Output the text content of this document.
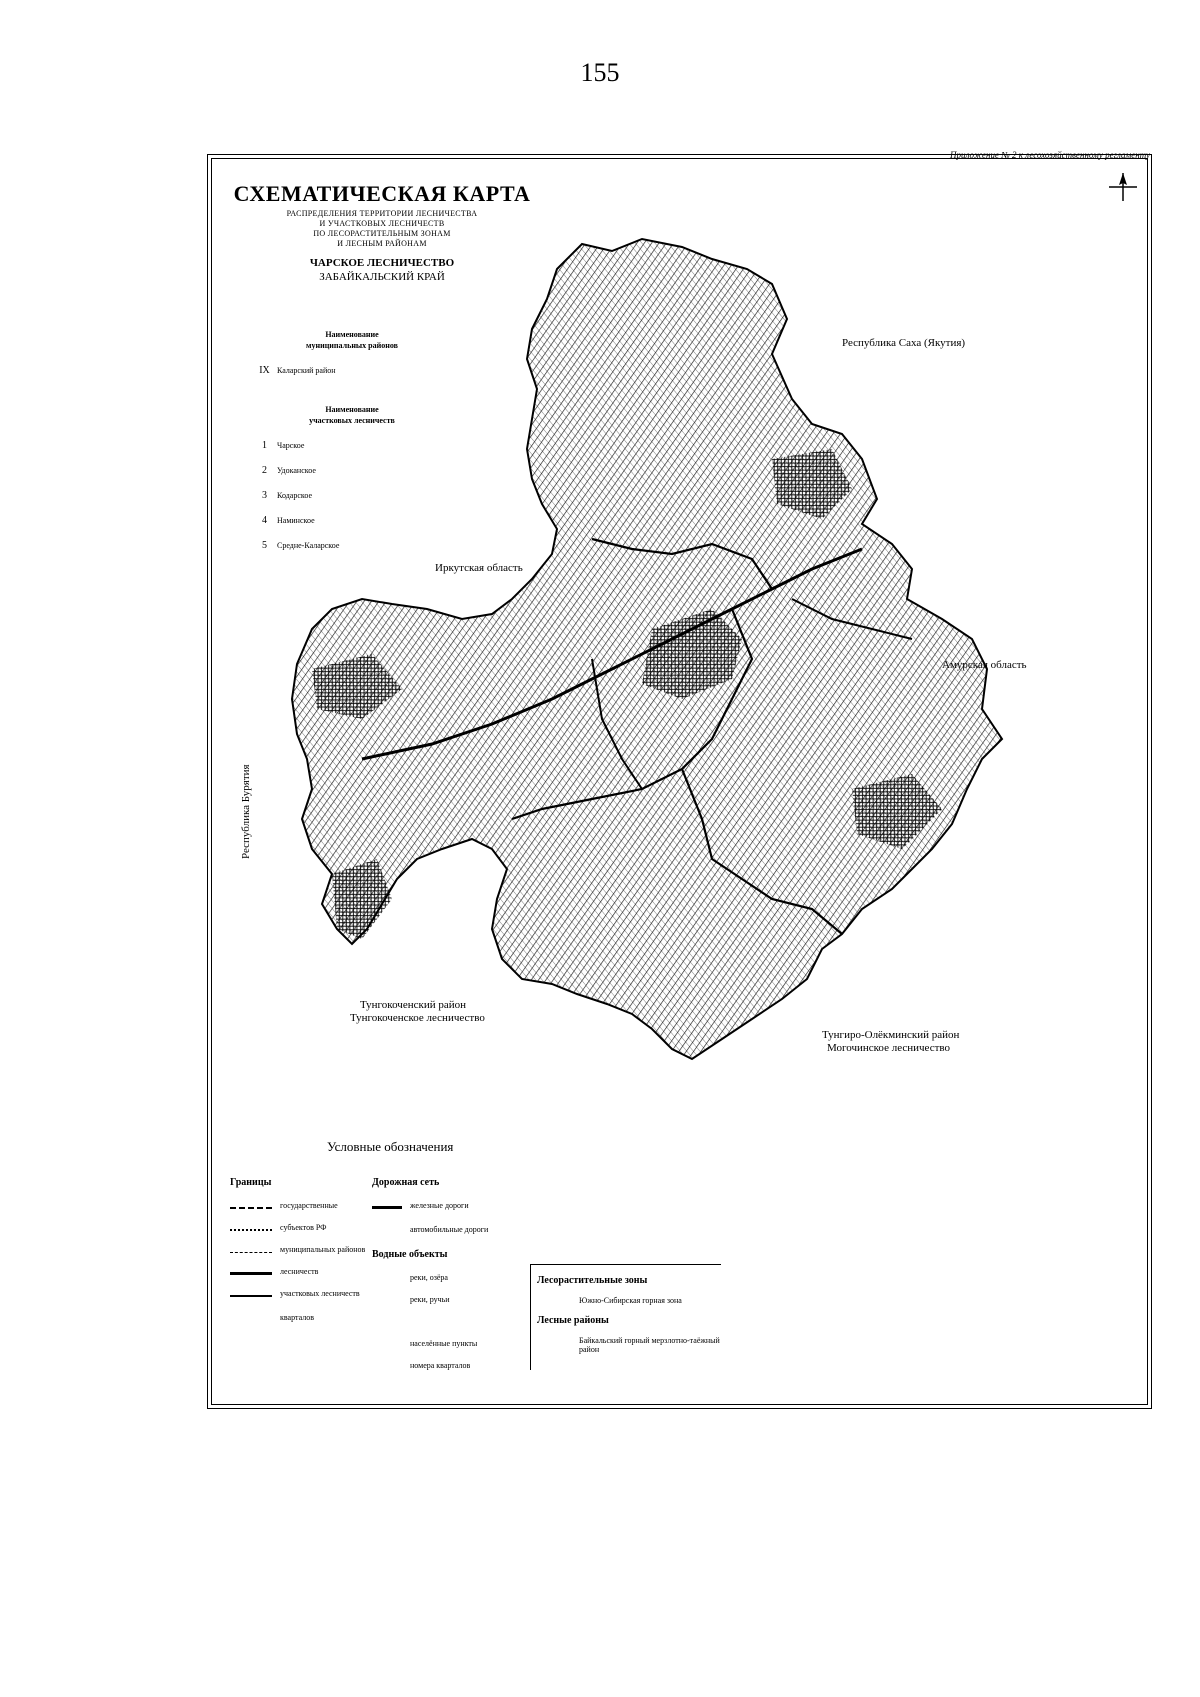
155
Приложение № 2 к лесохозяйственному регламенту
СХЕМАТИЧЕСКАЯ КАРТА
РАСПРЕДЕЛЕНИЯ ТЕРРИТОРИИ ЛЕСНИЧЕСТВА
И УЧАСТКОВЫХ ЛЕСНИЧЕСТВ
ПО ЛЕСОРАСТИТЕЛЬНЫМ ЗОНАМ
И ЛЕСНЫМ РАЙОНАМ
ЧАРСКОЕ ЛЕСНИЧЕСТВО
ЗАБАЙКАЛЬСКИЙ КРАЙ
Наименование
муниципальных районов
IX Каларский район
Наименование
участковых лесничеств
1	Чарское
2	Удоканское
3	Кодарское
4	Наминское
5	Средне-Каларское
Республика Саха (Якутия)
Иркутская область
Амурская область
Республика Бурятия
Тунгокоченский район
Тунгокоченское лесничество
Тунгиро-Олёкминский район
Могочинское лесничество
Условные обозначения
Границы
государственные
субъектов РФ
муниципальных районов
лесничеств
участковых лесничеств
кварталов
Дорожная сеть
железные дороги
автомобильные дороги
Водные объекты
реки, озёра
реки, ручьи
населённые пункты
номера кварталов
Лесорастительные зоны
Южно-Сибирская горная зона
Лесные районы
Байкальский горный мерзлотно-таёжный район
